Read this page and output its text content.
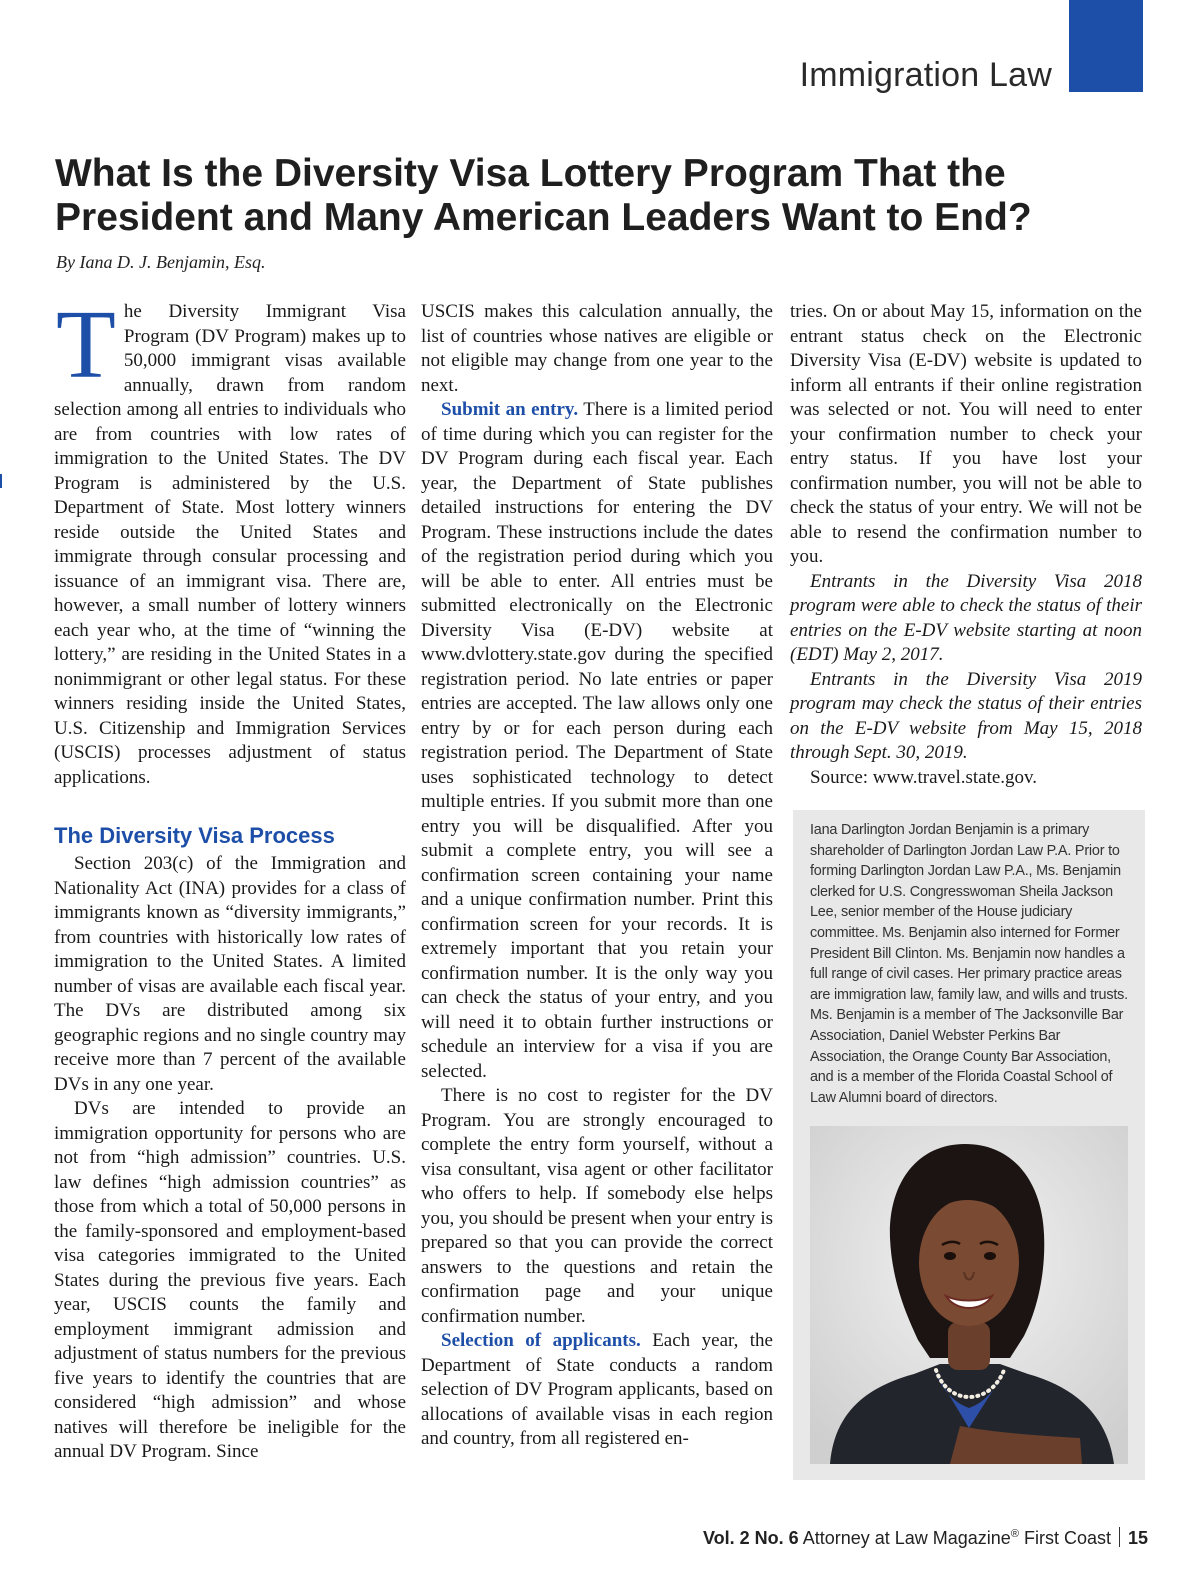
Immigration Law
What Is the Diversity Visa Lottery Program That the President and Many American Leaders Want to End?

By Iana D. J. Benjamin, Esq.

The Diversity Immigrant Visa Program (DV Program) makes up to 50,000 immigrant visas available annually, drawn from random selection among all entries to individuals who are from countries with low rates of immigration to the United States. The DV Program is administered by the U.S. Department of State. Most lottery winners reside outside the United States and immigrate through consular processing and issuance of an immigrant visa. There are, however, a small number of lottery winners each year who, at the time of “winning the lottery,” are residing in the United States in a nonimmigrant or other legal status. For these winners residing inside the United States, U.S. Citizenship and Immigration Services (USCIS) processes adjustment of status applications.

The Diversity Visa Process

Section 203(c) of the Immigration and Nationality Act (INA) provides for a class of immigrants known as “diversity immigrants,” from countries with historically low rates of immigration to the United States. A limited number of visas are available each fiscal year. The DVs are distributed among six geographic regions and no single country may receive more than 7 percent of the available DVs in any one year.

DVs are intended to provide an immigration opportunity for persons who are not from “high admission” countries. U.S. law defines “high admission countries” as those from which a total of 50,000 persons in the family-sponsored and employment-based visa categories immigrated to the United States during the previous five years. Each year, USCIS counts the family and employment immigrant admission and adjustment of status numbers for the previous five years to identify the countries that are considered “high admission” and whose natives will therefore be ineligible for the annual DV Program. Since

USCIS makes this calculation annually, the list of countries whose natives are eligible or not eligible may change from one year to the next.

Submit an entry. There is a limited period of time during which you can register for the DV Program during each fiscal year. Each year, the Department of State publishes detailed instructions for entering the DV Program. These instructions include the dates of the registration period during which you will be able to enter. All entries must be submitted electronically on the Electronic Diversity Visa (E-DV) website at www.dvlottery.state.gov during the specified registration period. No late entries or paper entries are accepted. The law allows only one entry by or for each person during each registration period. The Department of State uses sophisticated technology to detect multiple entries. If you submit more than one entry you will be disqualified. After you submit a complete entry, you will see a confirmation screen containing your name and a unique confirmation number. Print this confirmation screen for your records. It is extremely important that you retain your confirmation number. It is the only way you can check the status of your entry, and you will need it to obtain further instructions or schedule an interview for a visa if you are selected.

There is no cost to register for the DV Program. You are strongly encouraged to complete the entry form yourself, without a visa consultant, visa agent or other facilitator who offers to help. If somebody else helps you, you should be present when your entry is prepared so that you can provide the correct answers to the questions and retain the confirmation page and your unique confirmation number.

Selection of applicants. Each year, the Department of State conducts a random selection of DV Program applicants, based on allocations of available visas in each region and country, from all registered en-

tries. On or about May 15, information on the entrant status check on the Electronic Diversity Visa (E-DV) website is updated to inform all entrants if their online registration was selected or not. You will need to enter your confirmation number to check your entry status. If you have lost your confirmation number, you will not be able to check the status of your entry. We will not be able to resend the confirmation number to you.

Entrants in the Diversity Visa 2018 program were able to check the status of their entries on the E-DV website starting at noon (EDT) May 2, 2017.

Entrants in the Diversity Visa 2019 program may check the status of their entries on the E-DV website from May 15, 2018 through Sept. 30, 2019.

Source: www.travel.state.gov.

Iana Darlington Jordan Benjamin is a primary shareholder of Darlington Jordan Law P.A. Prior to forming Darlington Jordan Law P.A., Ms. Benjamin clerked for U.S. Congresswoman Sheila Jackson Lee, senior member of the House judiciary committee. Ms. Benjamin also interned for Former President Bill Clinton. Ms. Benjamin now handles a full range of civil cases. Her primary practice areas are immigration law, family law, and wills and trusts. Ms. Benjamin is a member of The Jacksonville Bar Association, Daniel Webster Perkins Bar Association, the Orange County Bar Association, and is a member of the Florida Coastal School of Law Alumni board of directors.

Vol. 2 No. 6 Attorney at Law Magazine® First Coast 15
